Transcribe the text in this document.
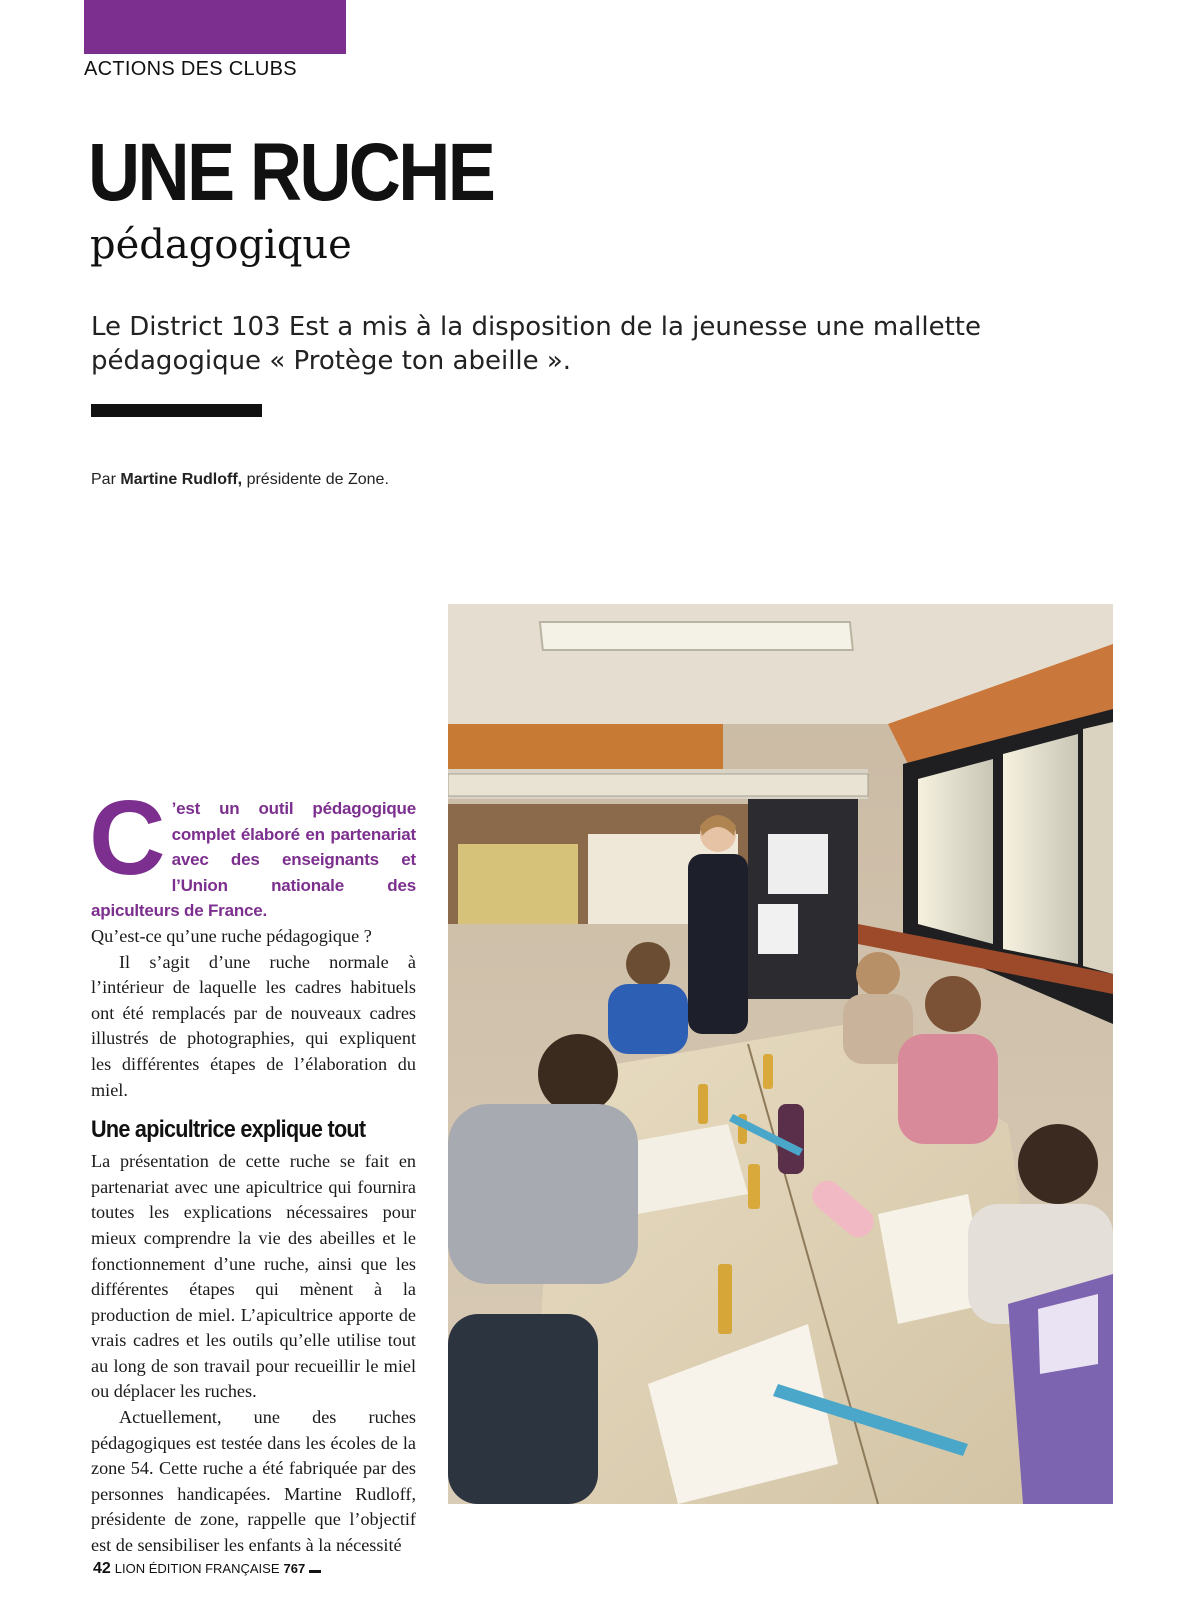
ACTIONS DES CLUBS
UNE RUCHE
pédagogique

Le District 103 Est a mis à la disposition de la jeunesse une mallette pédagogique « Protège ton abeille ».

Par Martine Rudloff, présidente de Zone.

C ’est un outil pédagogique complet élaboré en partenariat avec des enseignants et l’Union nationale des apiculteurs de France.

Qu’est-ce qu’une ruche pédagogique ?

Il s’agit d’une ruche normale à l’intérieur de laquelle les cadres habituels ont été remplacés par de nouveaux cadres illustrés de photographies, qui expliquent les différentes étapes de l’élaboration du miel.

Une apicultrice explique tout

La présentation de cette ruche se fait en partenariat avec une apicultrice qui fournira toutes les explications nécessaires pour mieux comprendre la vie des abeilles et le fonctionnement d’une ruche, ainsi que les différentes étapes qui mènent à la production de miel. L’apicultrice apporte de vrais cadres et les outils qu’elle utilise tout au long de son travail pour recueillir le miel ou déplacer les ruches.

Actuellement, une des ruches pédagogiques est testée dans les écoles de la zone 54. Cette ruche a été fabriquée par des personnes handicapées. Martine Rudloff, présidente de zone, rappelle que l’objectif est de sensibiliser les enfants à la nécessité

42 LION ÉDITION FRANÇAISE 767
